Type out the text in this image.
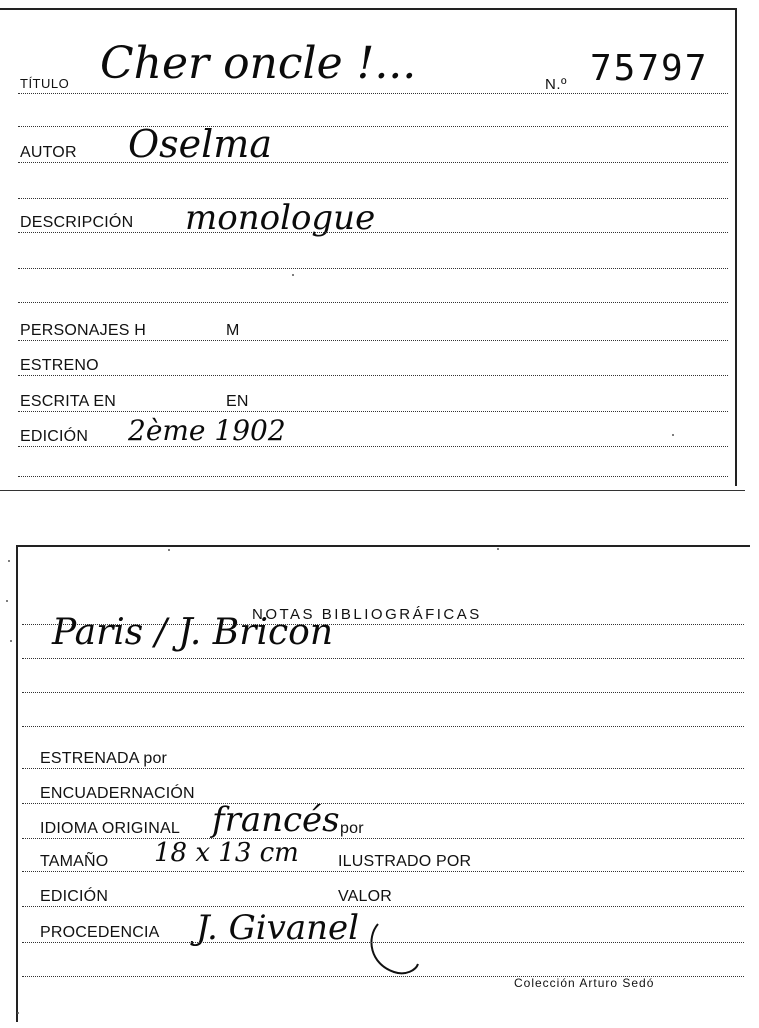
TÍTULO Cher oncle !...	N.º 75797
AUTOR Oselma
DESCRIPCIÓN monologue
PERSONAJES H	M
ESTRENO
ESCRITA EN	EN
EDICIÓN 2ème 1902
NOTAS BIBLIOGRÁFICAS
Paris / J. Bricon
ESTRENADA por
ENCUADERNACIÓN
IDIOMA ORIGINAL francés por
TAMAÑO 18 x 13 cm ILUSTRADO POR
EDICIÓN	VALOR
PROCEDENCIA J. Givanel
Colección Arturo Sedó
